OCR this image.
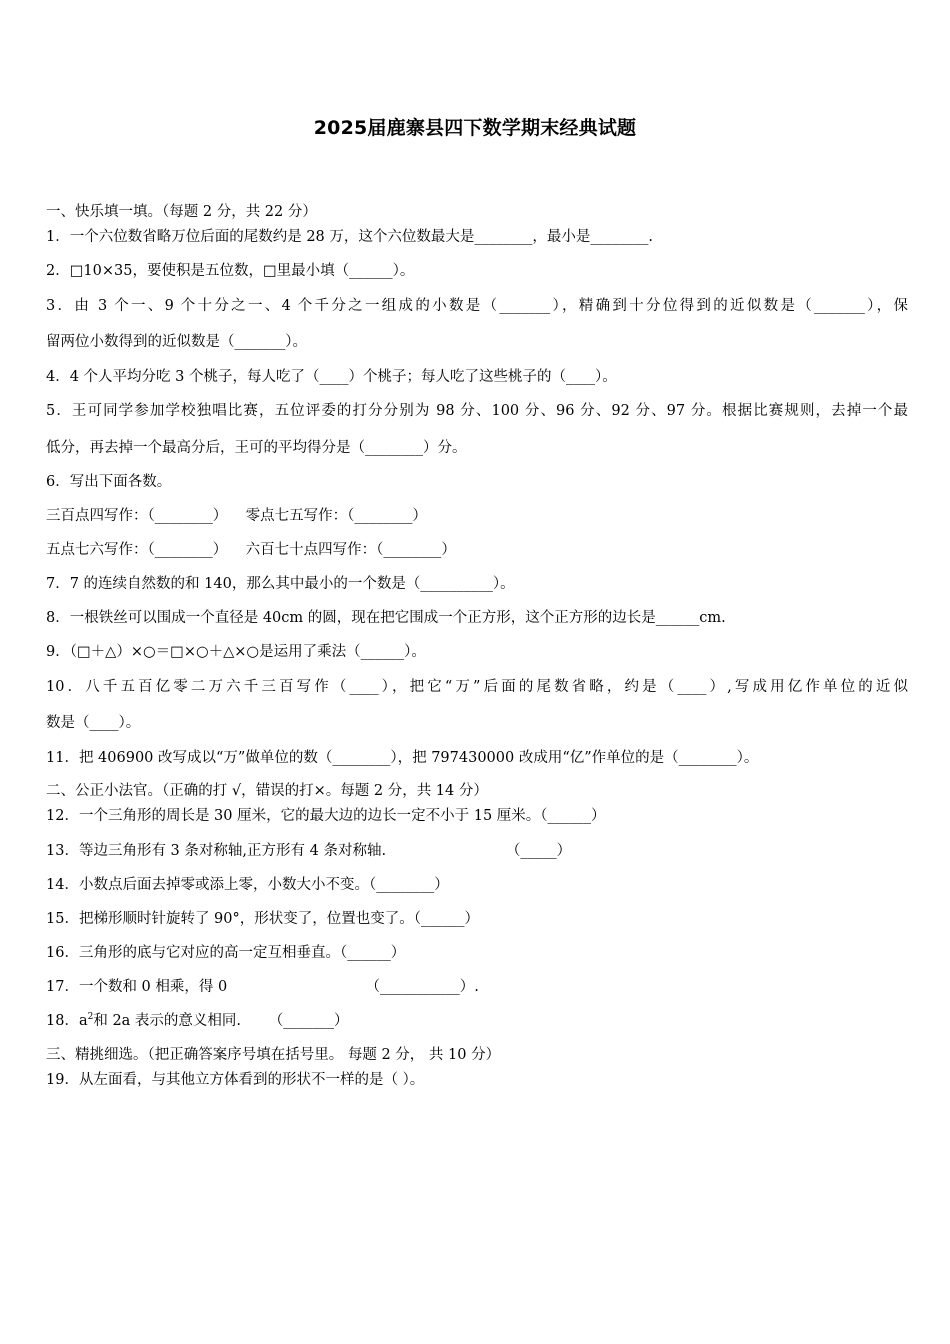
2025届鹿寨县四下数学期末经典试题
一、快乐填一填。（每题 2 分，共 22 分）
1．一个六位数省略万位后面的尾数约是 28 万，这个六位数最大是________，最小是________.
2．□10×35，要使积是五位数，□里最小填（______）。
3．由 3 个一、9 个十分之一、4 个千分之一组成的小数是（_______），精确到十分位得到的近似数是（_______），保
留两位小数得到的近似数是（_______）。
4．4 个人平均分吃 3 个桃子，每人吃了（____）个桃子；每人吃了这些桃子的（____）。
5．王可同学参加学校独唱比赛，五位评委的打分分别为 98 分、100 分、96 分、92 分、97 分。根据比赛规则，去掉一个最
低分，再去掉一个最高分后，王可的平均得分是（________）分。
6．写出下面各数。
三百点四写作：（________）    零点七五写作：（________）
五点七六写作：（________）    六百七十点四写作：（________）
7．7 的连续自然数的和 140，那么其中最小的一个数是（__________）。
8．一根铁丝可以围成一个直径是 40cm 的圆，现在把它围成一个正方形，这个正方形的边长是______cm.
9．（□＋△）×○＝□×○＋△×○是运用了乘法（______）。
10．八千五百亿零二万六千三百写作（____），把它“万”后面的尾数省略，约是（____）,写成用亿作单位的近似
数是（____）。
11．把 406900 改写成以“万”做单位的数（________），把 797430000 改成用“亿”作单位的是（________）。
二、公正小法官。（正确的打 √，错误的打×。每题 2 分，共 14 分）
12．一个三角形的周长是 30 厘米，它的最大边的边长一定不小于 15 厘米。（______）
13．等边三角形有 3 条对称轴,正方形有 4 条对称轴.                          （_____）
14．小数点后面去掉零或添上零，小数大小不变。（________）
15．把梯形顺时针旋转了 90°，形状变了，位置也变了。（______）
16．三角形的底与它对应的高一定互相垂直。（______）
17．一个数和 0 相乘，得 0                              （___________）.
18．$a^2$和 2a 表示的意义相同.      （_______）
三、精挑细选。（把正确答案序号填在括号里。 每题 2 分， 共 10 分）
19．从左面看，与其他立方体看到的形状不一样的是（ ）。
